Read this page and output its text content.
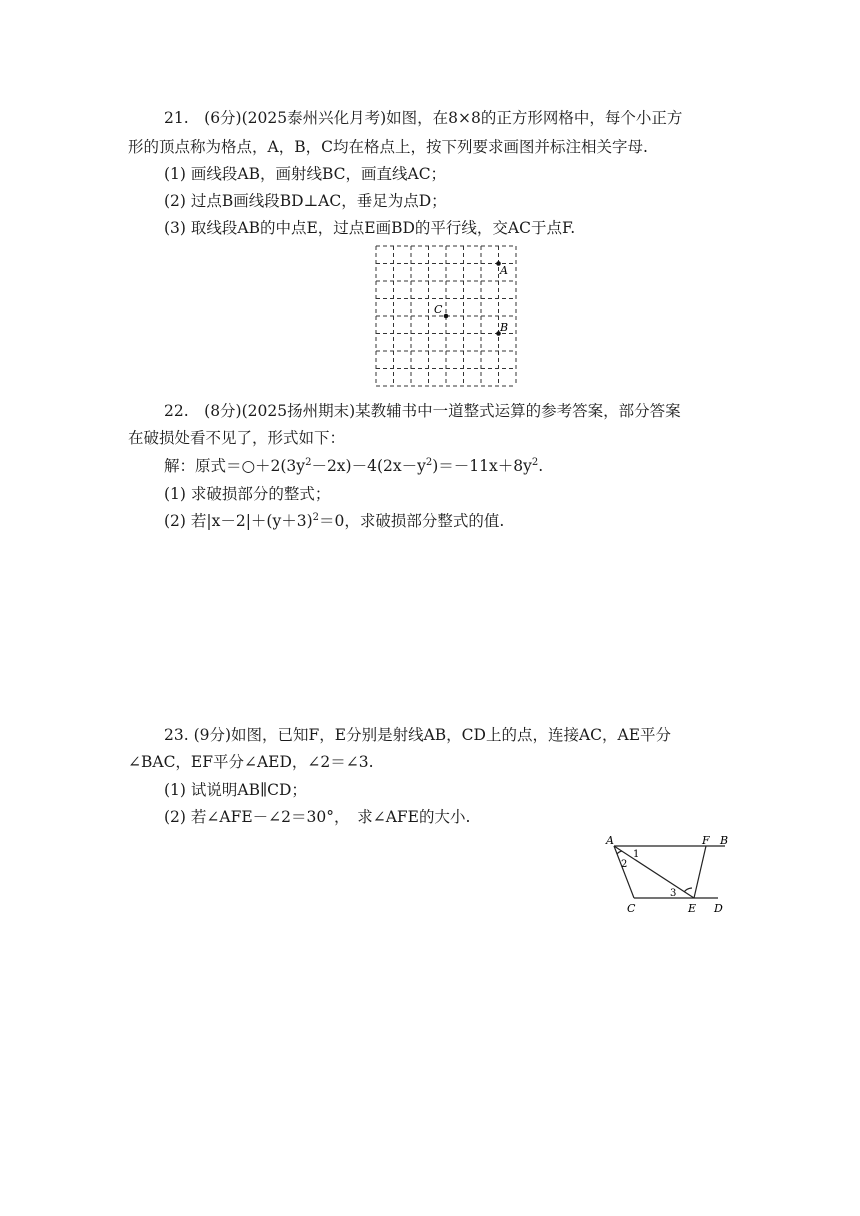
21.　(6分)(2025泰州兴化月考)如图，在8×8的正方形网格中，每个小正方
形的顶点称为格点，A，B，C均在格点上，按下列要求画图并标注相关字母.
(1) 画线段AB，画射线BC，画直线AC；
(2) 过点B画线段BD⊥AC，垂足为点D；
(3) 取线段AB的中点E，过点E画BD的平行线，交AC于点F.
A
C
B
22.　(8分)(2025扬州期末)某教辅书中一道整式运算的参考答案，部分答案
在破损处看不见了，形式如下：
解：原式$=○+2(3y^2-2x)-4(2x-y^2)=-11x+8y^2$.
(1) 求破损部分的整式；
(2) 若$|x-2|+(y+3)^2=0$，求破损部分整式的值.
23. (9分)如图，已知F，E分别是射线AB，CD上的点，连接AC，AE平分
∠BAC，EF平分∠AED，∠2＝∠3.
(1) 试说明AB∥CD；
(2) 若∠AFE－∠2＝30°，　求∠AFE的大小.
A	F B
C	E D
1
2
3
